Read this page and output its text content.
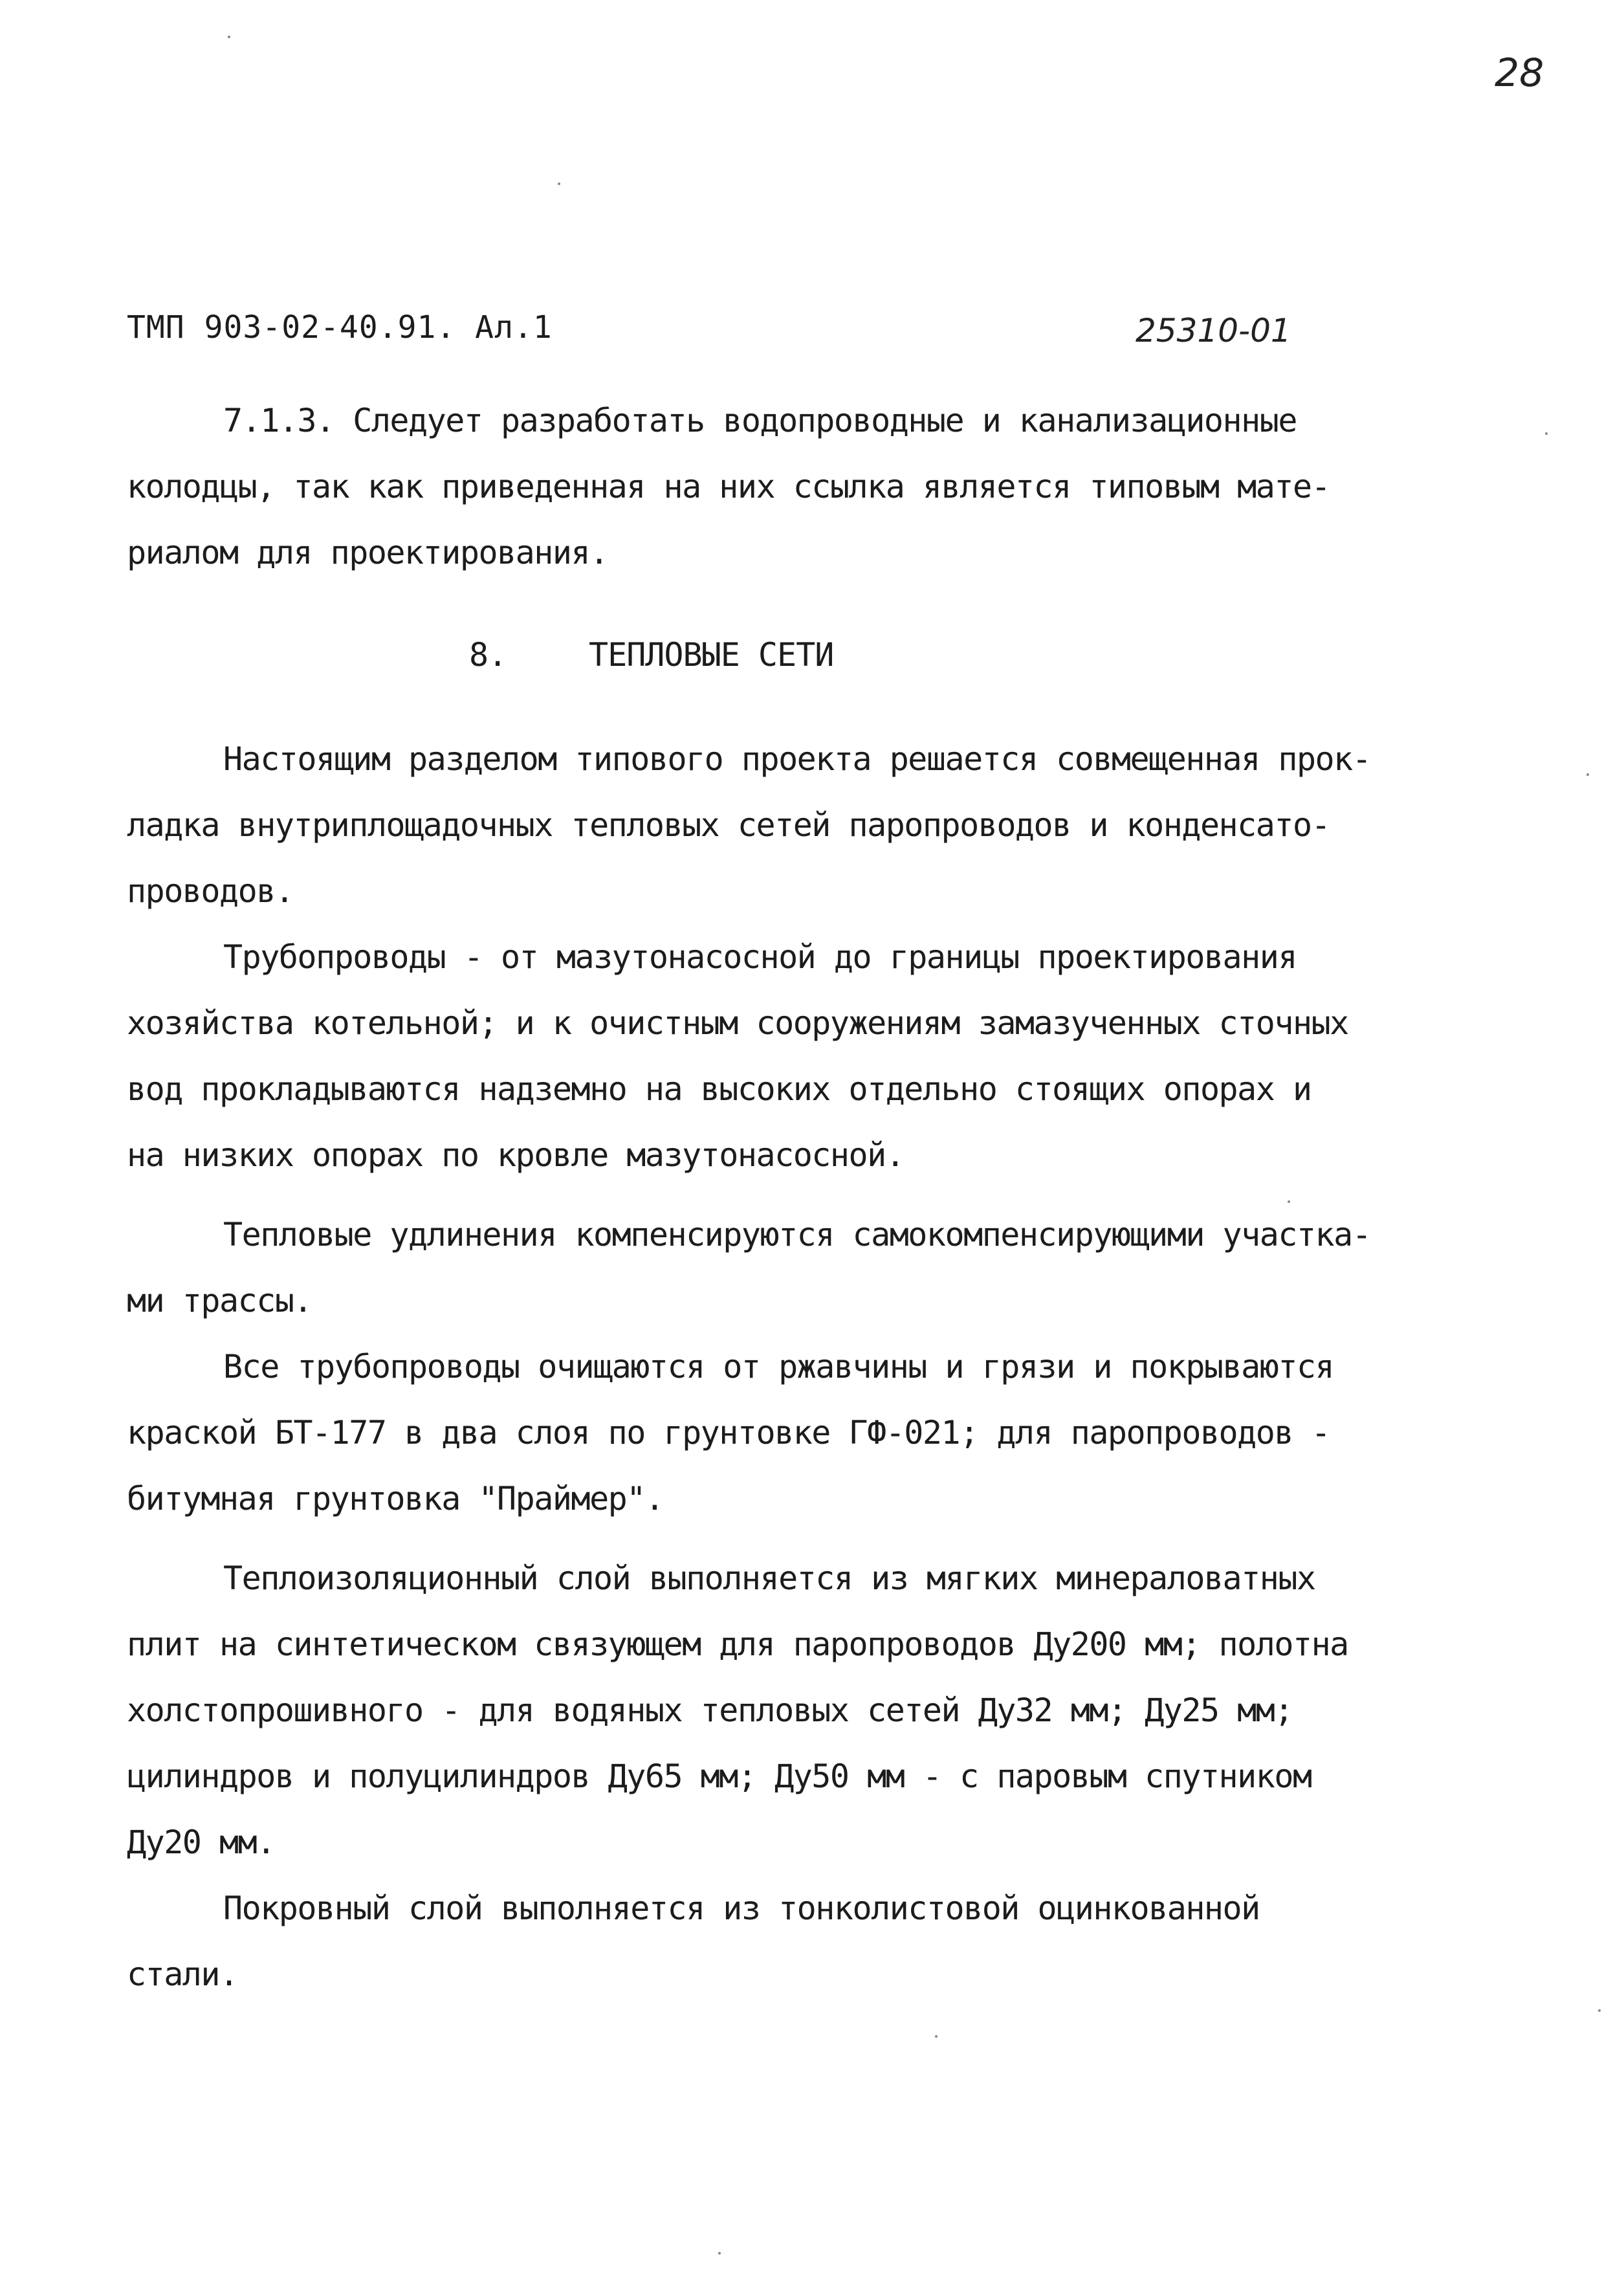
28
ТМП 903-02-40.91. Ал.1	25310-01
7.1.3. Следует разработать водопроводные и канализационные
колодцы, так как приведенная на них ссылка является типовым мате-
риалом для проектирования.
8.	ТЕПЛОВЫЕ СЕТИ
Настоящим разделом типового проекта решается совмещенная прок-
ладка внутриплощадочных тепловых сетей паропроводов и конденсато-
проводов.
Трубопроводы - от мазутонасосной до границы проектирования
хозяйства котельной; и к очистным сооружениям замазученных сточных
вод прокладываются надземно на высоких отдельно стоящих опорах и
на низких опорах по кровле мазутонасосной.
Тепловые удлинения компенсируются самокомпенсирующими участка-
ми трассы.
Все трубопроводы очищаются от ржавчины и грязи и покрываются
краской БТ-177 в два слоя по грунтовке ГФ-021; для паропроводов -
битумная грунтовка "Праймер".
Теплоизоляционный слой выполняется из мягких минераловатных
плит на синтетическом связующем для паропроводов Ду200 мм; полотна
холстопрошивного - для водяных тепловых сетей Ду32 мм; Ду25 мм;
цилиндров и полуцилиндров Ду65 мм; Ду50 мм - с паровым спутником
Ду20 мм.
Покровный слой выполняется из тонколистовой оцинкованной
стали.
